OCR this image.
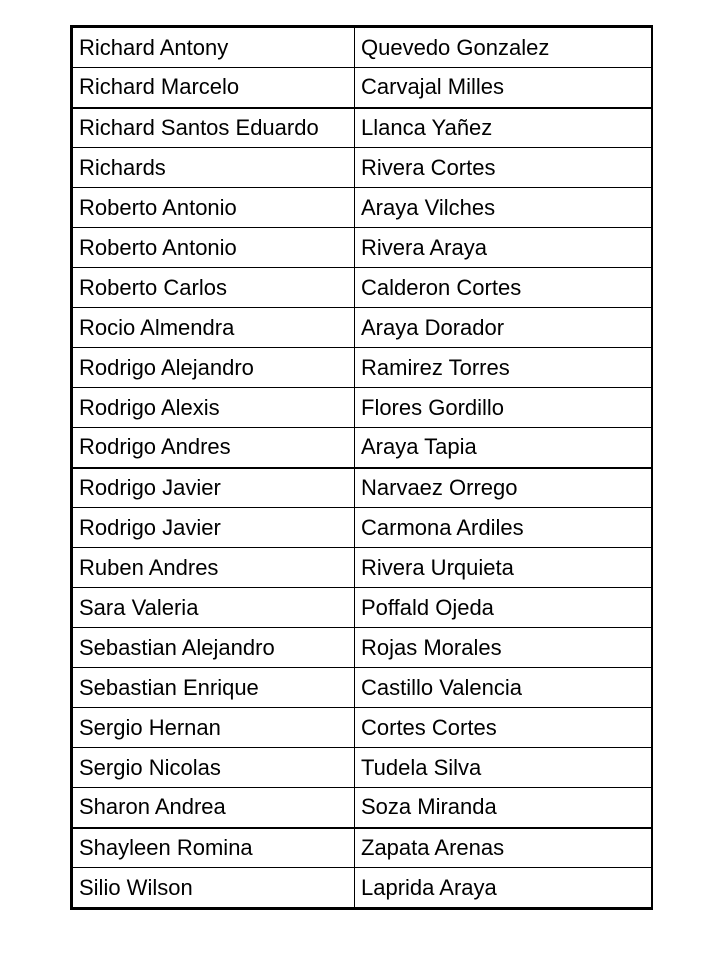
Richard Antony	Quevedo Gonzalez
Richard Marcelo	Carvajal Milles
Richard Santos Eduardo	Llanca Yañez
Richards	Rivera Cortes
Roberto Antonio	Araya Vilches
Roberto Antonio	Rivera Araya
Roberto Carlos	Calderon Cortes
Rocio Almendra	Araya Dorador
Rodrigo Alejandro	Ramirez Torres
Rodrigo Alexis	Flores Gordillo
Rodrigo Andres	Araya Tapia
Rodrigo Javier	Narvaez Orrego
Rodrigo Javier	Carmona Ardiles
Ruben Andres	Rivera Urquieta
Sara Valeria	Poffald Ojeda
Sebastian Alejandro	Rojas Morales
Sebastian Enrique	Castillo Valencia
Sergio Hernan	Cortes Cortes
Sergio Nicolas	Tudela Silva
Sharon Andrea	Soza Miranda
Shayleen Romina	Zapata Arenas
Silio Wilson	Laprida Araya
